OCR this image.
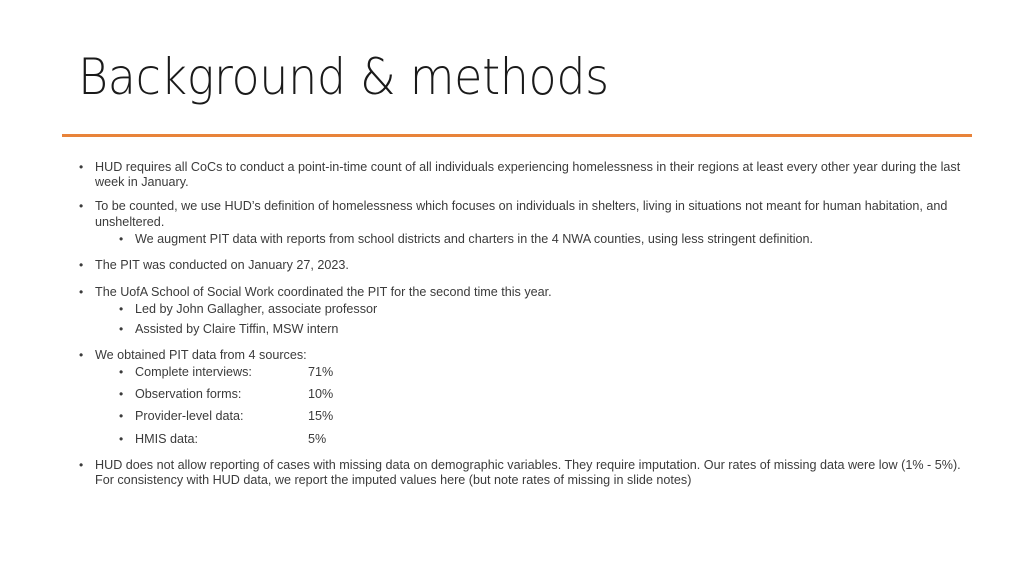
Background & methods
• HUD requires all CoCs to conduct a point-in-time count of all individuals experiencing homelessness in their regions at least every other year during the last week in January.
• To be counted, we use HUD’s definition of homelessness which focuses on individuals in shelters, living in situations not meant for human habitation, and unsheltered.
• We augment PIT data with reports from school districts and charters in the 4 NWA counties, using less stringent definition.
• The PIT was conducted on January 27, 2023.
• The UofA School of Social Work coordinated the PIT for the second time this year.
• Led by John Gallagher, associate professor
• Assisted by Claire Tiffin, MSW intern
• We obtained PIT data from 4 sources:
• Complete interviews:	71%
• Observation forms:	10%
• Provider-level data:	15%
• HMIS data:	5%
• HUD does not allow reporting of cases with missing data on demographic variables. They require imputation. Our rates of missing data were low (1% - 5%). For consistency with HUD data, we report the imputed values here (but note rates of missing in slide notes)
